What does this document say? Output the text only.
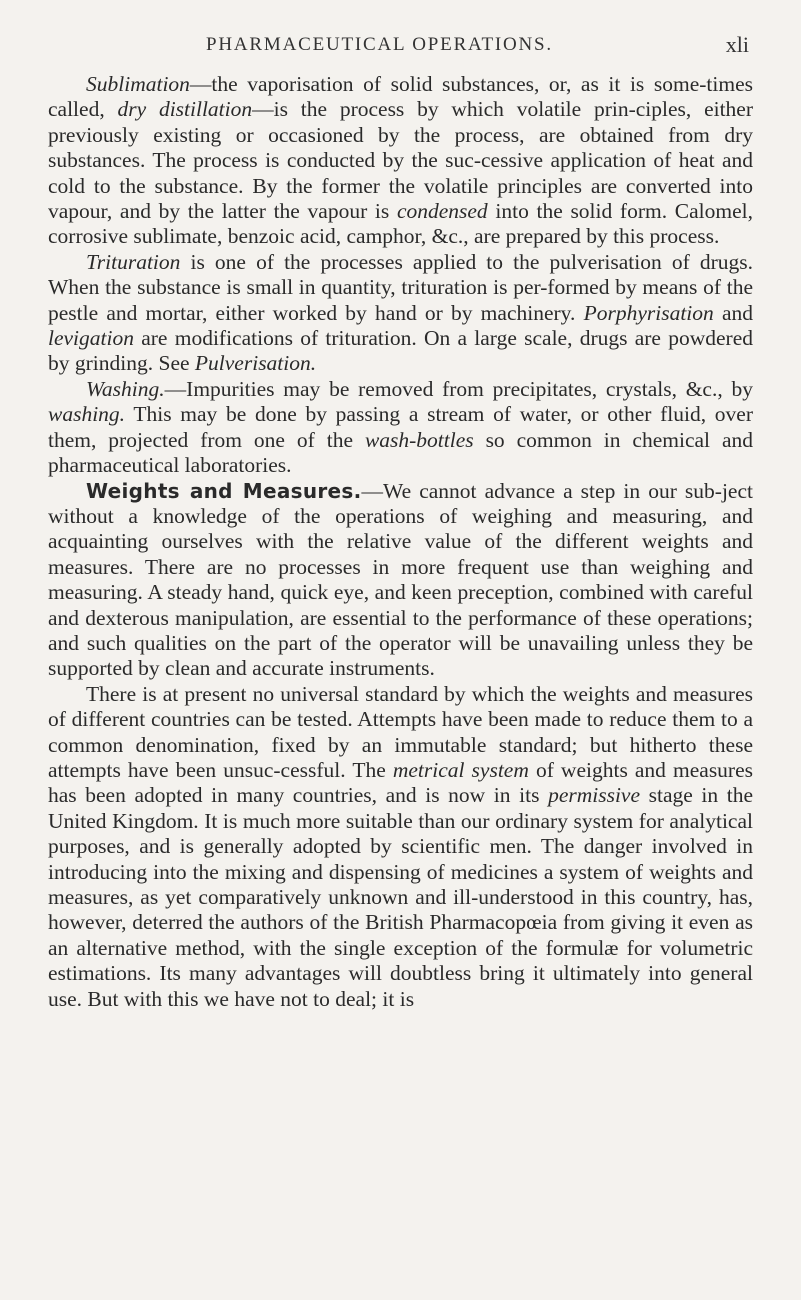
PHARMACEUTICAL OPERATIONS.	xli

Sublimation—the vaporisation of solid substances, or, as it is some-times called, dry distillation—is the process by which volatile prin-ciples, either previously existing or occasioned by the process, are obtained from dry substances. The process is conducted by the suc-cessive application of heat and cold to the substance. By the former the volatile principles are converted into vapour, and by the latter the vapour is condensed into the solid form. Calomel, corrosive sublimate, benzoic acid, camphor, &c., are prepared by this process.

Trituration is one of the processes applied to the pulverisation of drugs. When the substance is small in quantity, trituration is per-formed by means of the pestle and mortar, either worked by hand or by machinery. Porphyrisation and levigation are modifications of trituration. On a large scale, drugs are powdered by grinding. See Pulverisation.

Washing.—Impurities may be removed from precipitates, crystals, &c., by washing. This may be done by passing a stream of water, or other fluid, over them, projected from one of the wash-bottles so common in chemical and pharmaceutical laboratories.

Weights and Measures.—We cannot advance a step in our sub-ject without a knowledge of the operations of weighing and measuring, and acquainting ourselves with the relative value of the different weights and measures. There are no processes in more frequent use than weighing and measuring. A steady hand, quick eye, and keen preception, combined with careful and dexterous manipulation, are essential to the performance of these operations; and such qualities on the part of the operator will be unavailing unless they be supported by clean and accurate instruments.

There is at present no universal standard by which the weights and measures of different countries can be tested. Attempts have been made to reduce them to a common denomination, fixed by an immutable standard; but hitherto these attempts have been unsuc-cessful. The metrical system of weights and measures has been adopted in many countries, and is now in its permissive stage in the United Kingdom. It is much more suitable than our ordinary system for analytical purposes, and is generally adopted by scientific men. The danger involved in introducing into the mixing and dispensing of medicines a system of weights and measures, as yet comparatively unknown and ill-understood in this country, has, however, deterred the authors of the British Pharmacopœia from giving it even as an alternative method, with the single exception of the formulæ for volumetric estimations. Its many advantages will doubtless bring it ultimately into general use. But with this we have not to deal; it is
